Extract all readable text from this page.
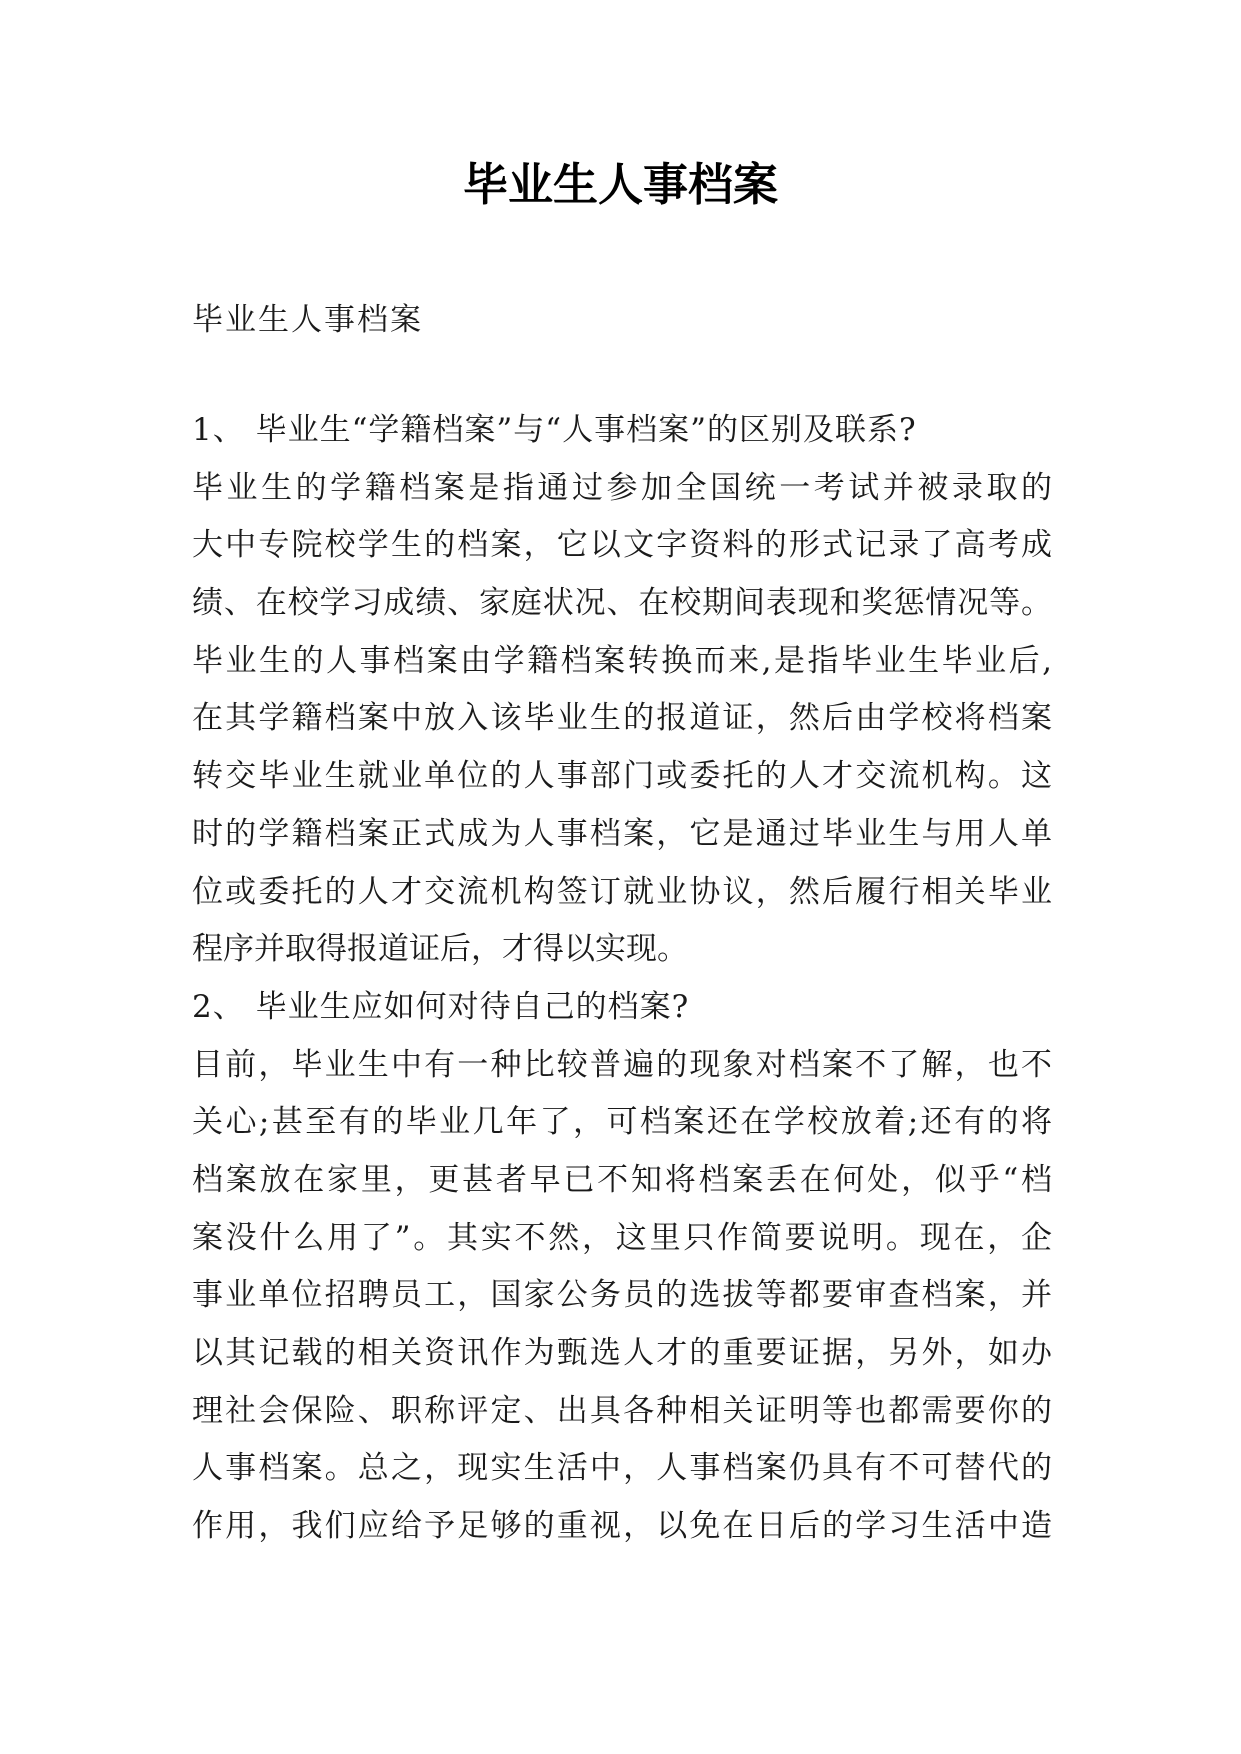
毕业生人事档案

毕业生人事档案

1、 毕业生“学籍档案”与“人事档案”的区别及联系?
毕业生的学籍档案是指通过参加全国统一考试并被录取的
大中专院校学生的档案，它以文字资料的形式记录了高考成
绩、在校学习成绩、家庭状况、在校期间表现和奖惩情况等。
毕业生的人事档案由学籍档案转换而来,是指毕业生毕业后,
在其学籍档案中放入该毕业生的报道证，然后由学校将档案
转交毕业生就业单位的人事部门或委托的人才交流机构。这
时的学籍档案正式成为人事档案，它是通过毕业生与用人单
位或委托的人才交流机构签订就业协议，然后履行相关毕业
程序并取得报道证后，才得以实现。
2、 毕业生应如何对待自己的档案?
目前，毕业生中有一种比较普遍的现象对档案不了解，也不
关心;甚至有的毕业几年了，可档案还在学校放着;还有的将
档案放在家里，更甚者早已不知将档案丢在何处，似乎“档
案没什么用了”。其实不然，这里只作简要说明。现在，企
事业单位招聘员工，国家公务员的选拔等都要审查档案，并
以其记载的相关资讯作为甄选人才的重要证据，另外，如办
理社会保险、职称评定、出具各种相关证明等也都需要你的
人事档案。总之，现实生活中，人事档案仍具有不可替代的
作用，我们应给予足够的重视，以免在日后的学习生活中造
